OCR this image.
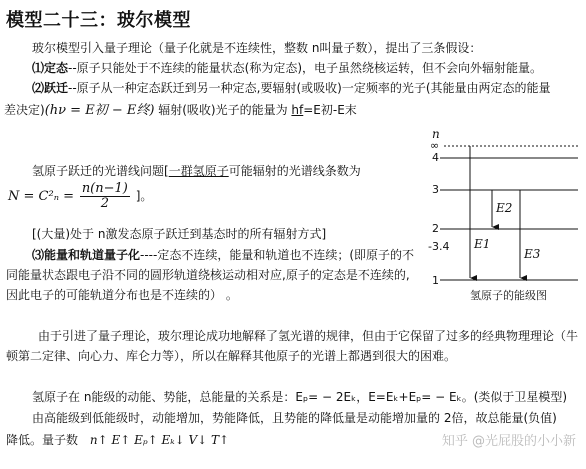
模型二十三：玻尔模型
玻尔模型引入量子理论（量子化就是不连续性，整数 n叫量子数），提出了三条假设：
⑴定态--原子只能处于不连续的能量状态(称为定态)，电子虽然绕核运转，但不会向外辐射能量。
⑵跃迁--原子从一种定态跃迁到另一种定态,要辐射(或吸收)一定频率的光子(其能量由两定态的能量
差决定)(hν = E初 − E终) 辐射(吸收)光子的能量为 hf=E初-E末
氢原子跃迁的光谱线问题[一群氢原子可能辐射的光谱线条数为
$N = C^2_n = \frac{n(n-1)}{2}$ ]。
[(大量)处于 n激发态原子跃迁到基态时的所有辐射方式]
⑶能量和轨道量子化----定态不连续，能量和轨道也不连续；(即原子的不
同能量状态跟电子沿不同的圆形轨道绕核运动相对应,原子的定态是不连续的,
因此电子的可能轨道分布也是不连续的） 。
n
∞
4
3
2
-3.4
1
E1
E2
E3
氢原子的能级图
由于引进了量子理论，玻尔理论成功地解释了氢光谱的规律，但由于它保留了过多的经典物理理论（牛
顿第二定律、向心力、库仑力等），所以在解释其他原子的光谱上都遇到很大的困难。
氢原子在 n能级的动能、势能，总能量的关系是：Eₚ= − 2Eₖ，E=Eₖ+Eₚ= − Eₖ。(类似于卫星模型)
由高能级到低能级时，动能增加，势能降低，且势能的降低量是动能增加量的 2倍，故总能量(负值)
降低。量子数 n↑ E↑ Eₚ↑ Eₖ↓ V↓ T↑	知乎 @光屁股的小小新
